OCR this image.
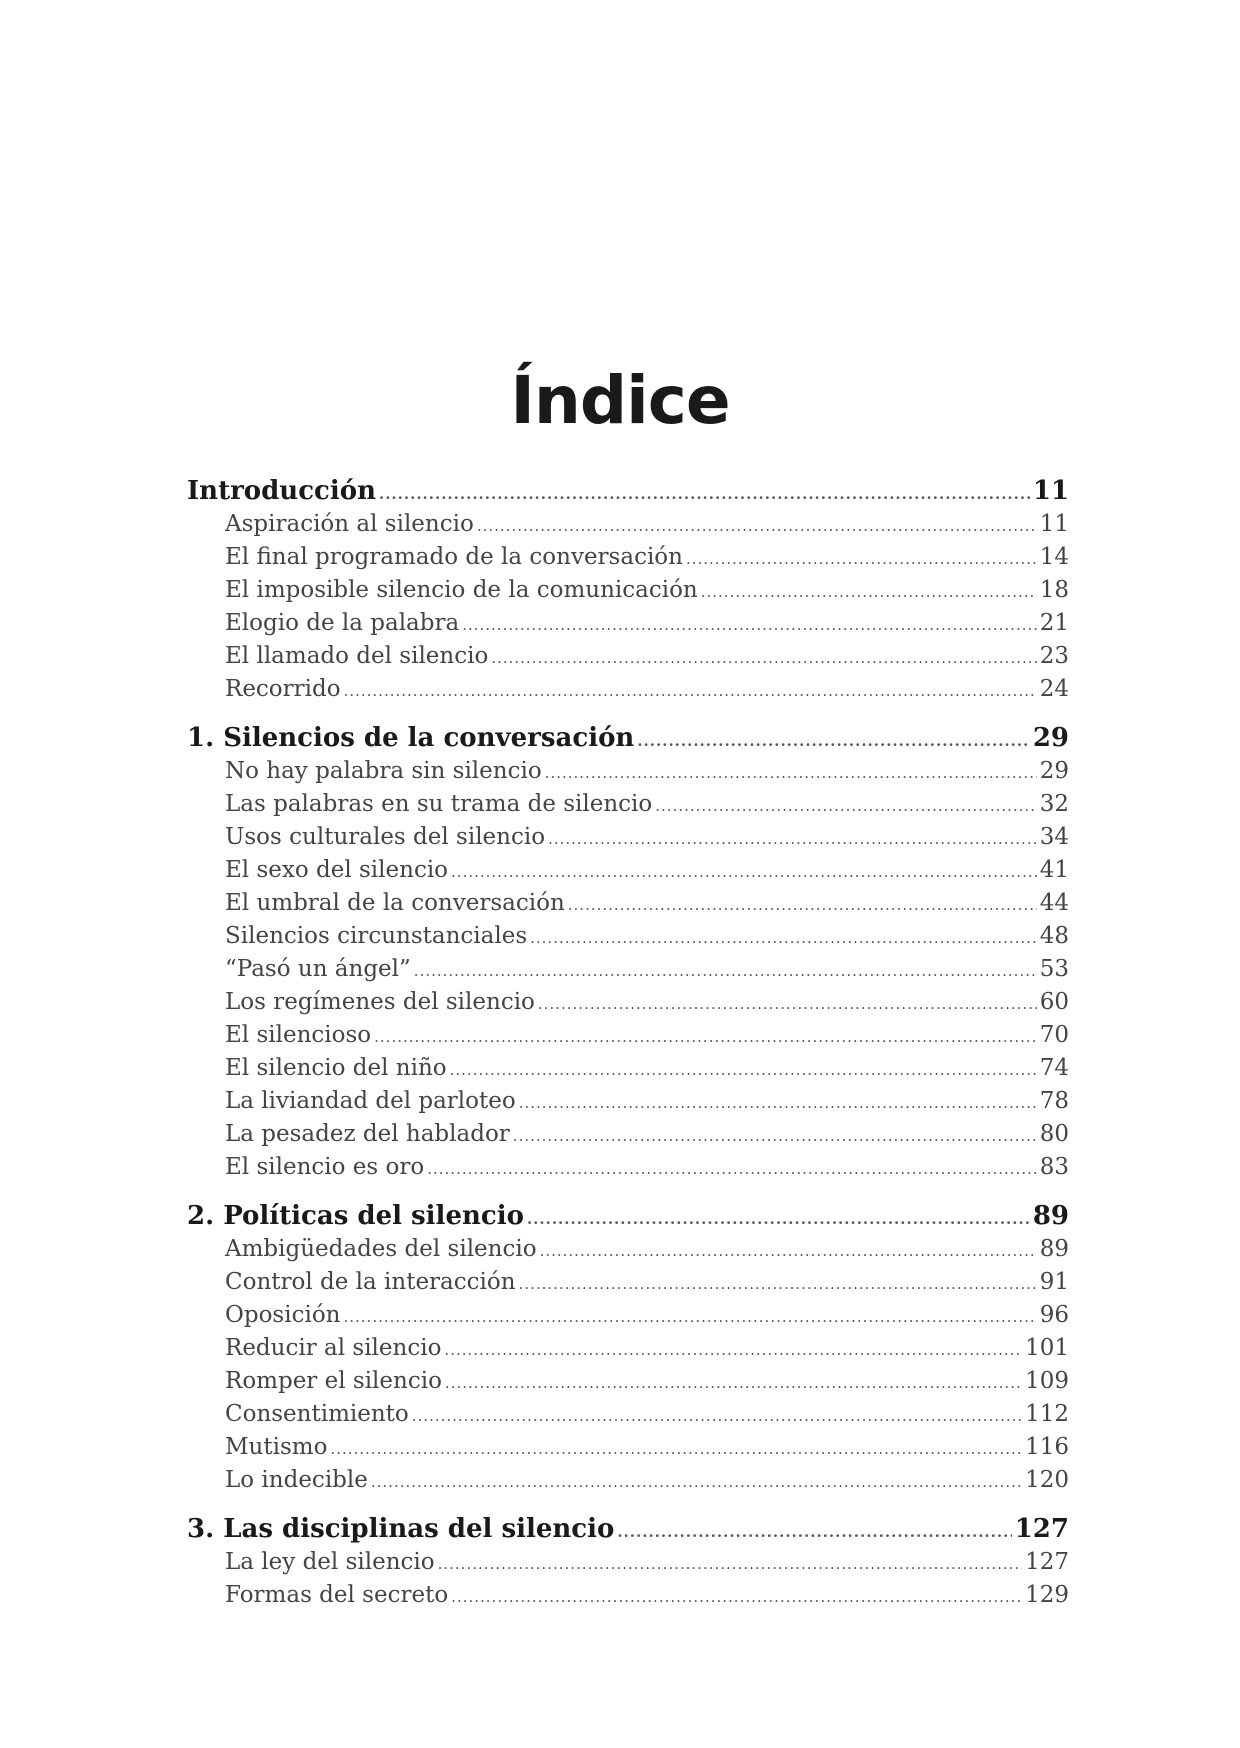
Índice
Introducción .....	11
Aspiración al silencio .....	11
El final programado de la conversación .....	14
El imposible silencio de la comunicación .....	18
Elogio de la palabra .....	21
El llamado del silencio .....	23
Recorrido .....	24
1. Silencios de la conversación .....	29
No hay palabra sin silencio .....	29
Las palabras en su trama de silencio .....	32
Usos culturales del silencio .....	34
El sexo del silencio .....	41
El umbral de la conversación .....	44
Silencios circunstanciales .....	48
“Pasó un ángel” .....	53
Los regímenes del silencio .....	60
El silencioso .....	70
El silencio del niño .....	74
La liviandad del parloteo .....	78
La pesadez del hablador .....	80
El silencio es oro .....	83
2. Políticas del silencio .....	89
Ambigüedades del silencio .....	89
Control de la interacción .....	91
Oposición .....	96
Reducir al silencio .....	101
Romper el silencio .....	109
Consentimiento .....	112
Mutismo .....	116
Lo indecible .....	120
3. Las disciplinas del silencio .....	127
La ley del silencio .....	127
Formas del secreto .....	129
